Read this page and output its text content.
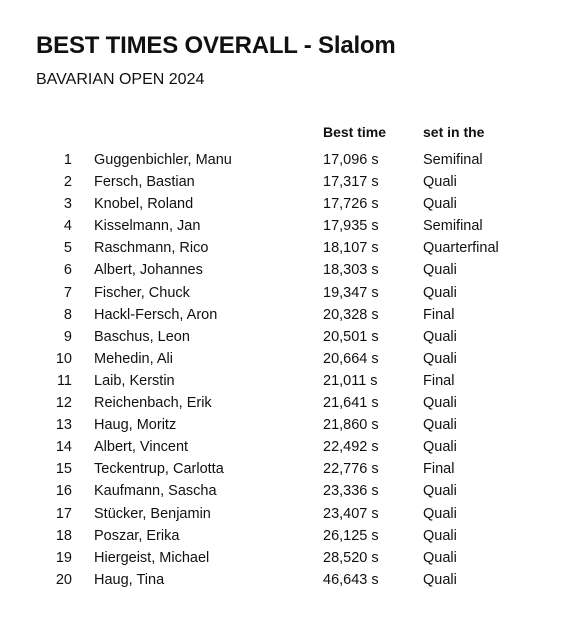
BEST TIMES OVERALL - Slalom
BAVARIAN OPEN 2024
Best time	set in the
1 Guggenbichler, Manu	17,096 s	Semifinal
2 Fersch, Bastian	17,317 s	Quali
3 Knobel, Roland	17,726 s	Quali
4 Kisselmann, Jan	17,935 s	Semifinal
5 Raschmann, Rico	18,107 s	Quarterfinal
6 Albert, Johannes	18,303 s	Quali
7 Fischer, Chuck	19,347 s	Quali
8 Hackl-Fersch, Aron	20,328 s	Final
9 Baschus, Leon	20,501 s	Quali
10 Mehedin, Ali	20,664 s	Quali
11 Laib, Kerstin	21,011 s	Final
12 Reichenbach, Erik	21,641 s	Quali
13 Haug, Moritz	21,860 s	Quali
14 Albert, Vincent	22,492 s	Quali
15 Teckentrup, Carlotta	22,776 s	Final
16 Kaufmann, Sascha	23,336 s	Quali
17 Stücker, Benjamin	23,407 s	Quali
18 Poszar, Erika	26,125 s	Quali
19 Hiergeist, Michael	28,520 s	Quali
20 Haug, Tina	46,643 s	Quali
